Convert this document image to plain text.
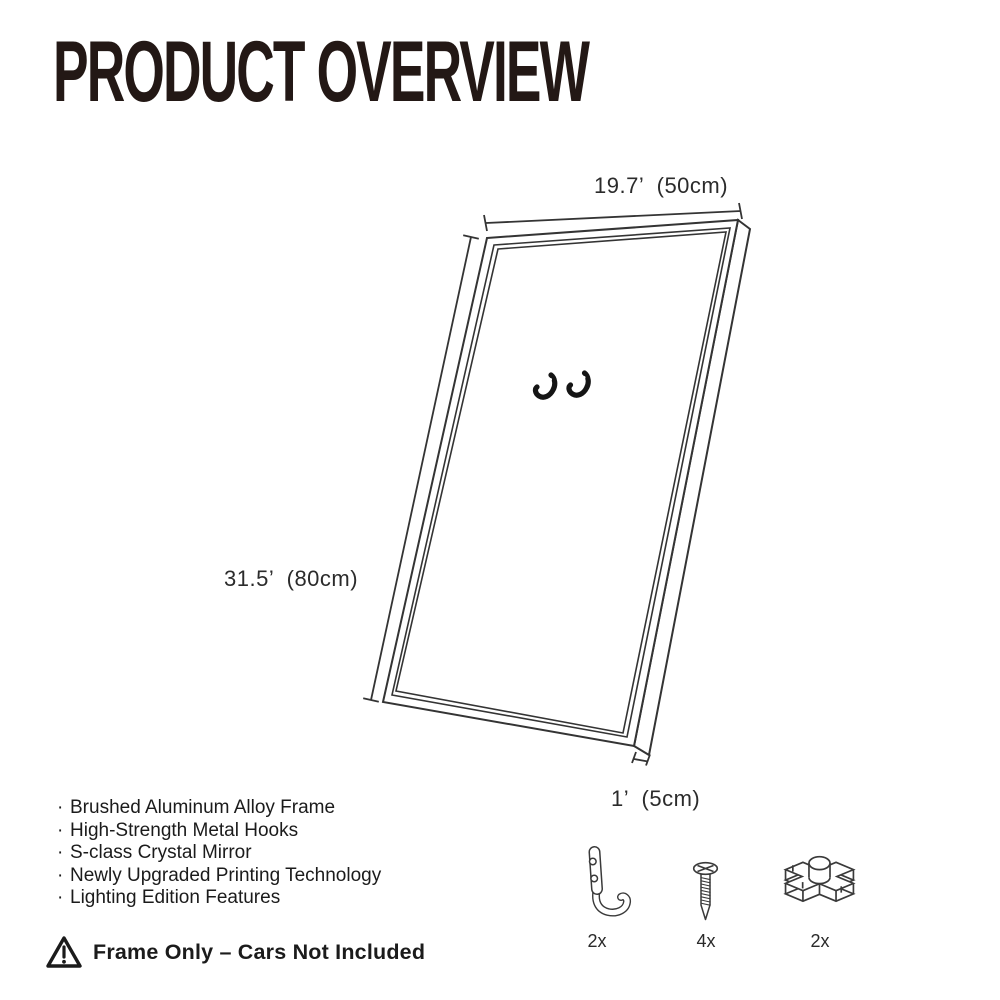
PRODUCT OVERVIEW
19.7’  (50cm)
31.5’  (80cm)
1’  (5cm)
· Brushed Aluminum Alloy Frame
· High-Strength Metal Hooks
· S-class Crystal Mirror
· Newly Upgraded Printing Technology
· Lighting Edition Features
Frame Only – Cars Not Included	2x	4x	2x
